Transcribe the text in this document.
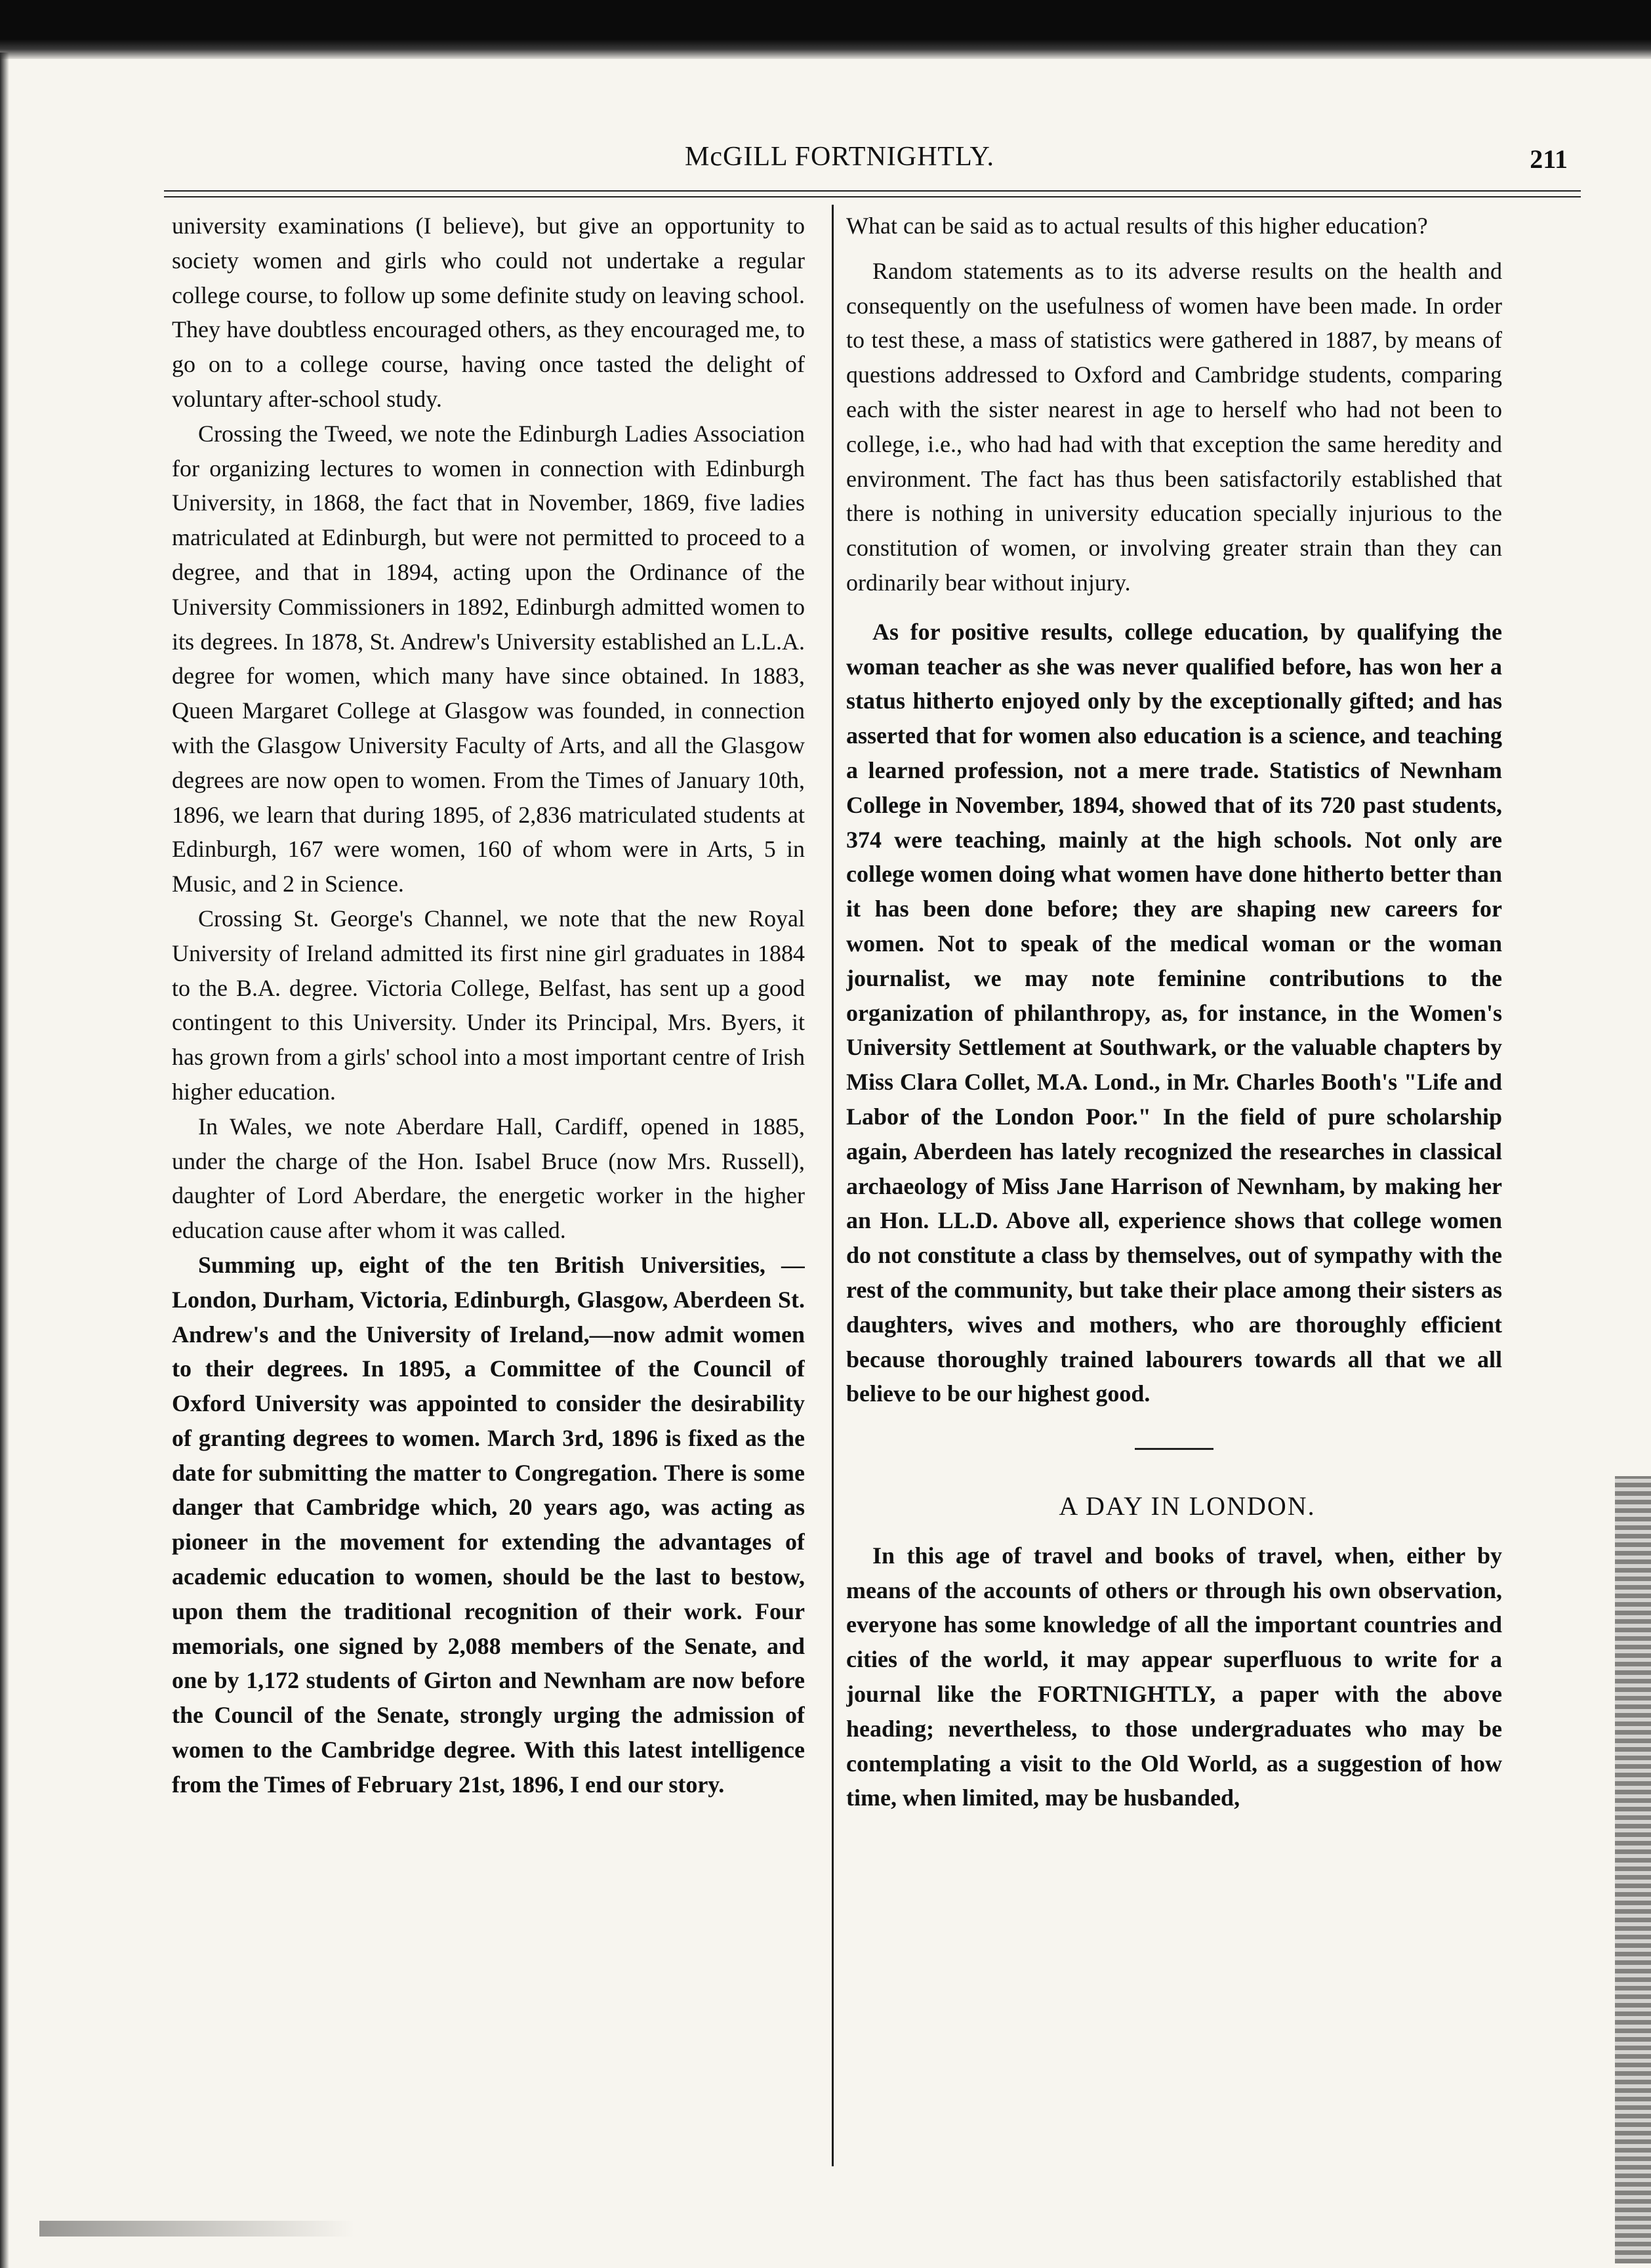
McGILL FORTNIGHTLY.	211

university examinations (I believe), but give an opportunity to society women and girls who could not undertake a regular college course, to follow up some definite study on leaving school. They have doubtless encouraged others, as they encouraged me, to go on to a college course, having once tasted the delight of voluntary after-school study.

Crossing the Tweed, we note the Edinburgh Ladies Association for organizing lectures to women in connection with Edinburgh University, in 1868, the fact that in November, 1869, five ladies matriculated at Edinburgh, but were not permitted to proceed to a degree, and that in 1894, acting upon the Ordinance of the University Commissioners in 1892, Edinburgh admitted women to its degrees. In 1878, St. Andrew's University established an L.L.A. degree for women, which many have since obtained. In 1883, Queen Margaret College at Glasgow was founded, in connection with the Glasgow University Faculty of Arts, and all the Glasgow degrees are now open to women. From the Times of January 10th, 1896, we learn that during 1895, of 2,836 matriculated students at Edinburgh, 167 were women, 160 of whom were in Arts, 5 in Music, and 2 in Science.

Crossing St. George's Channel, we note that the new Royal University of Ireland admitted its first nine girl graduates in 1884 to the B.A. degree. Victoria College, Belfast, has sent up a good contingent to this University. Under its Principal, Mrs. Byers, it has grown from a girls' school into a most important centre of Irish higher education.

In Wales, we note Aberdare Hall, Cardiff, opened in 1885, under the charge of the Hon. Isabel Bruce (now Mrs. Russell), daughter of Lord Aberdare, the energetic worker in the higher education cause after whom it was called.

Summing up, eight of the ten British Universities, —London, Durham, Victoria, Edinburgh, Glasgow, Aberdeen St. Andrew's and the University of Ireland,—now admit women to their degrees. In 1895, a Committee of the Council of Oxford University was appointed to consider the desirability of granting degrees to women. March 3rd, 1896 is fixed as the date for submitting the matter to Congregation. There is some danger that Cambridge which, 20 years ago, was acting as pioneer in the movement for extending the advantages of academic education to women, should be the last to bestow, upon them the traditional recognition of their work. Four memorials, one signed by 2,088 members of the Senate, and one by 1,172 students of Girton and Newnham are now before the Council of the Senate, strongly urging the admission of women to the Cambridge degree. With this latest intelligence from the Times of February 21st, 1896, I end our story.

What can be said as to actual results of this higher education?

Random statements as to its adverse results on the health and consequently on the usefulness of women have been made. In order to test these, a mass of statistics were gathered in 1887, by means of questions addressed to Oxford and Cambridge students, comparing each with the sister nearest in age to herself who had not been to college, i.e., who had had with that exception the same heredity and environment. The fact has thus been satisfactorily established that there is nothing in university education specially injurious to the constitution of women, or involving greater strain than they can ordinarily bear without injury.

As for positive results, college education, by qualifying the woman teacher as she was never qualified before, has won her a status hitherto enjoyed only by the exceptionally gifted; and has asserted that for women also education is a science, and teaching a learned profession, not a mere trade. Statistics of Newnham College in November, 1894, showed that of its 720 past students, 374 were teaching, mainly at the high schools. Not only are college women doing what women have done hitherto better than it has been done before; they are shaping new careers for women. Not to speak of the medical woman or the woman journalist, we may note feminine contributions to the organization of philanthropy, as, for instance, in the Women's University Settlement at Southwark, or the valuable chapters by Miss Clara Collet, M.A. Lond., in Mr. Charles Booth's "Life and Labor of the London Poor." In the field of pure scholarship again, Aberdeen has lately recognized the researches in classical archaeology of Miss Jane Harrison of Newnham, by making her an Hon. LL.D. Above all, experience shows that college women do not constitute a class by themselves, out of sympathy with the rest of the community, but take their place among their sisters as daughters, wives and mothers, who are thoroughly efficient because thoroughly trained labourers towards all that we all believe to be our highest good.

A DAY IN LONDON.

In this age of travel and books of travel, when, either by means of the accounts of others or through his own observation, everyone has some knowledge of all the important countries and cities of the world, it may appear superfluous to write for a journal like the FORTNIGHTLY, a paper with the above heading; nevertheless, to those undergraduates who may be contemplating a visit to the Old World, as a suggestion of how time, when limited, may be husbanded,
